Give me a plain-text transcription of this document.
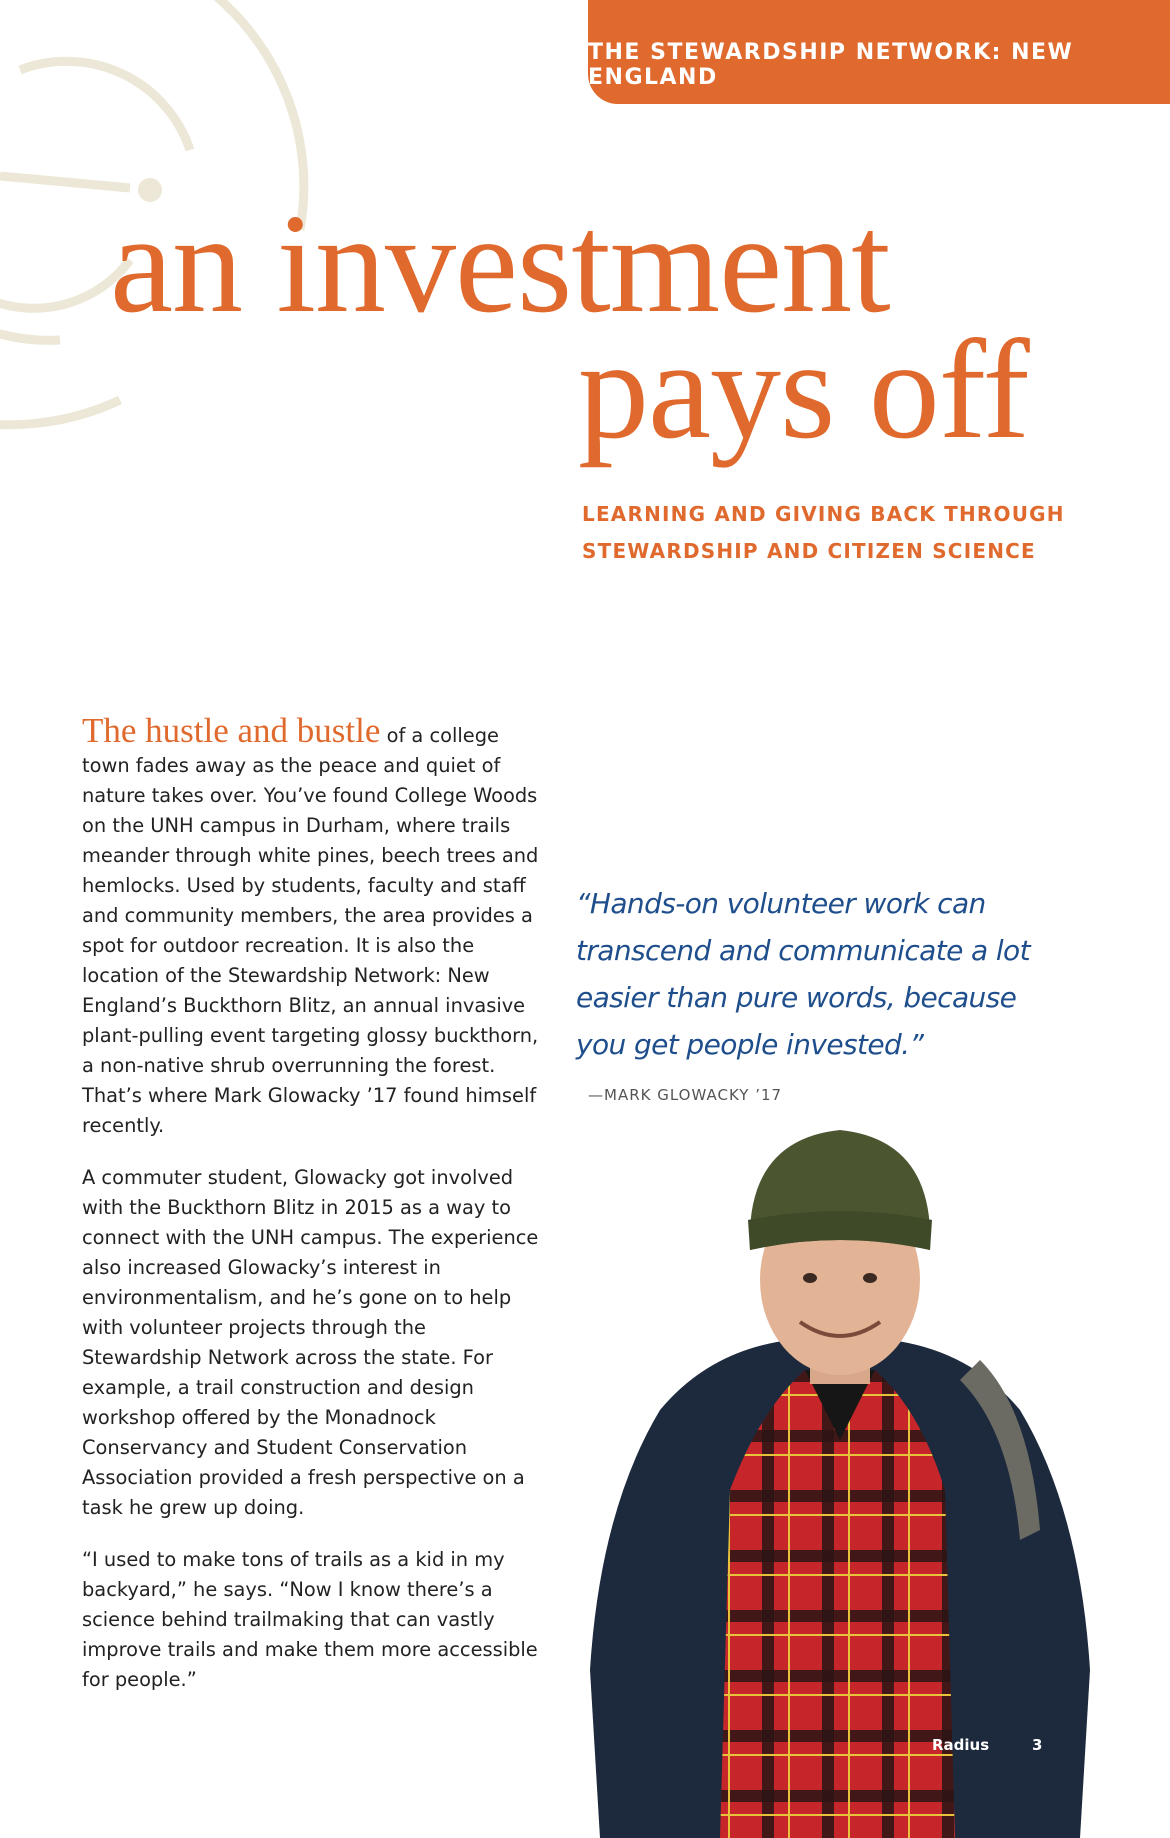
THE STEWARDSHIP NETWORK: NEW ENGLAND
an investment
pays off
LEARNING AND GIVING BACK THROUGH
STEWARDSHIP AND CITIZEN SCIENCE

The hustle and bustle of a college town fades away as the peace and quiet of nature takes over. You’ve found College Woods on the UNH campus in Durham, where trails meander through white pines, beech trees and hemlocks. Used by students, faculty and staff and community members, the area provides a spot for outdoor recreation. It is also the location of the Stewardship Network: New England’s Buckthorn Blitz, an annual invasive plant-pulling event targeting glossy buckthorn, a non-native shrub overrunning the forest. That’s where Mark Glowacky ’17 found himself recently.

A commuter student, Glowacky got involved with the Buckthorn Blitz in 2015 as a way to connect with the UNH campus. The experience also increased Glowacky’s interest in environmentalism, and he’s gone on to help with volunteer projects through the Stewardship Network across the state. For example, a trail construction and design workshop offered by the Monadnock Conservancy and Student Conservation Association provided a fresh perspective on a task he grew up doing.

“I used to make tons of trails as a kid in my backyard,” he says. “Now I know there’s a science behind trailmaking that can vastly improve trails and make them more accessible for people.”

“Hands-on volunteer work can transcend and communicate a lot easier than pure words, because you get people invested.”
—MARK GLOWACKY ’17
Radius	3
